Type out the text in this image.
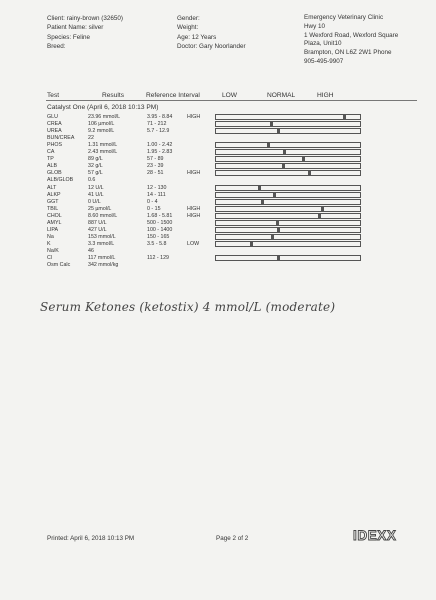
Client: rainy-brown (32650)
Patient Name: silver
Species: Feline
Breed:
Gender:
Weight:
Age: 12 Years
Doctor: Gary Noorlander
Emergency Veterinary Clinic
Hwy 10
1 Wexford Road, Wexford Square
Plaza, Unit10
Brampton, ON L6Z 2W1 Phone
905-495-9907
Test	Results	Reference Interval	LOW	NORMAL	HIGH
Catalyst One (April 6, 2018 10:13 PM)
GLU	23.96 mmol/L	3.95 - 8.84	HIGH
CREA	106 µmol/L	71 - 212
UREA	9.2 mmol/L	5.7 - 12.9
BUN/CREA	22
PHOS	1.31 mmol/L	1.00 - 2.42
CA	2.43 mmol/L	1.95 - 2.83
TP	89 g/L	57 - 89
ALB	32 g/L	23 - 39
GLOB	57 g/L	28 - 51	HIGH
ALB/GLOB	0.6
ALT	12 U/L	12 - 130
ALKP	41 U/L	14 - 111
GGT	0 U/L	0 - 4
TBIL	25 µmol/L	0 - 15	HIGH
CHOL	8.60 mmol/L	1.68 - 5.81	HIGH
AMYL	887 U/L	500 - 1500
LIPA	427 U/L	100 - 1400
Na	153 mmol/L	150 - 165
K	3.3 mmol/L	3.5 - 5.8	LOW
Na/K	46
Cl	117 mmol/L	112 - 129
Osm Calc	342 mmol/kg
Serum Ketones (ketostix) 4 mmol/L (moderate)
Printed: April 6, 2018 10:13 PM	Page 2 of 2	IDEXX
